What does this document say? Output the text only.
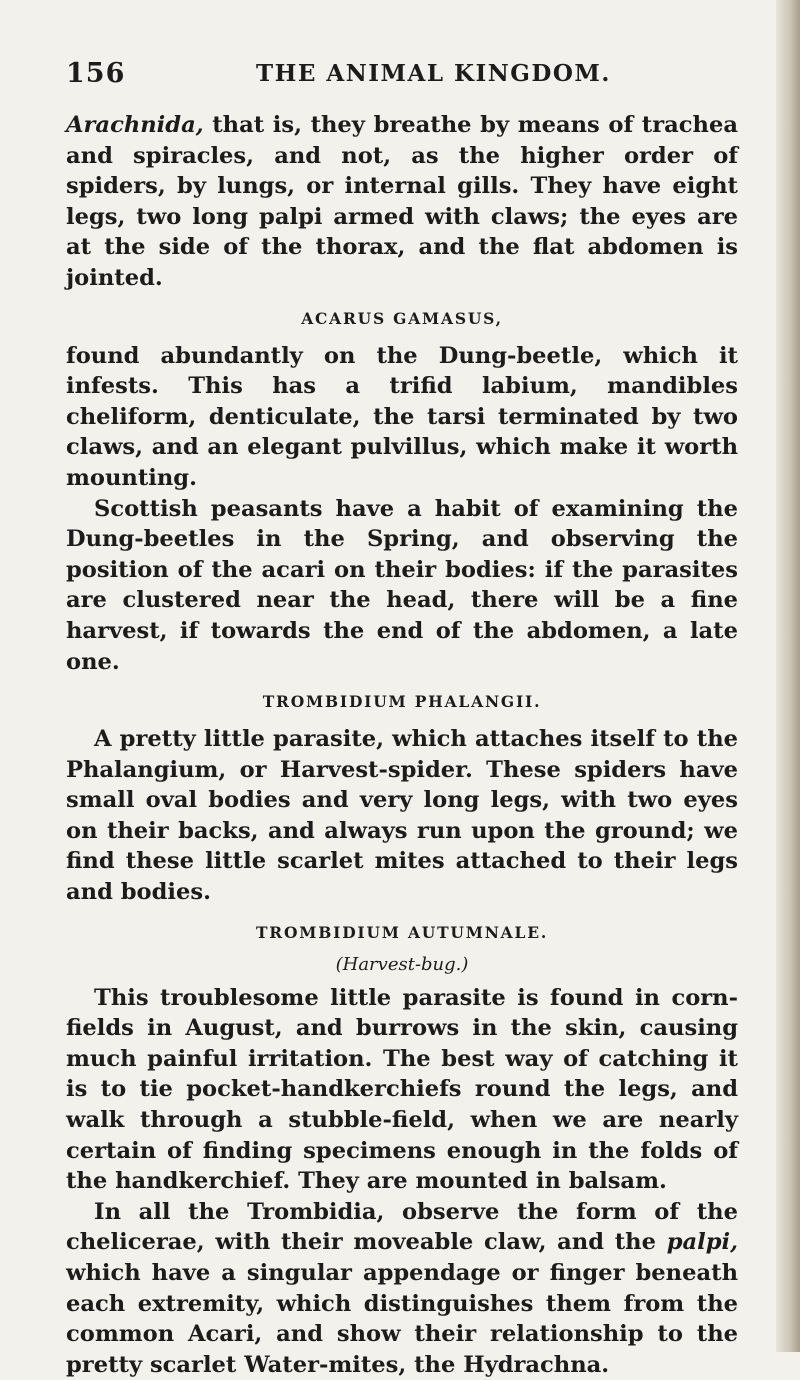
156	THE ANIMAL KINGDOM.

Arachnida, that is, they breathe by means of trachea and spiracles, and not, as the higher order of spiders, by lungs, or internal gills. They have eight legs, two long palpi armed with claws; the eyes are at the side of the thorax, and the flat abdomen is jointed.

ACARUS GAMASUS,

found abundantly on the Dung-beetle, which it infests. This has a trifid labium, mandibles cheliform, denticulate, the tarsi terminated by two claws, and an elegant pulvillus, which make it worth mounting.

Scottish peasants have a habit of examining the Dung-beetles in the Spring, and observing the position of the acari on their bodies: if the parasites are clustered near the head, there will be a fine harvest, if towards the end of the abdomen, a late one.

TROMBIDIUM PHALANGII.

A pretty little parasite, which attaches itself to the Phalangium, or Harvest-spider. These spiders have small oval bodies and very long legs, with two eyes on their backs, and always run upon the ground; we find these little scarlet mites attached to their legs and bodies.

TROMBIDIUM AUTUMNALE.
(Harvest-bug.)

This troublesome little parasite is found in corn-fields in August, and burrows in the skin, causing much painful irritation. The best way of catching it is to tie pocket-handkerchiefs round the legs, and walk through a stubble-field, when we are nearly certain of finding specimens enough in the folds of the handkerchief. They are mounted in balsam.

In all the Trombidia, observe the form of the chelicerae, with their moveable claw, and the palpi, which have a singular appendage or finger beneath each extremity, which distinguishes them from the common Acari, and show their relationship to the pretty scarlet Water-mites, the Hydrachna.
